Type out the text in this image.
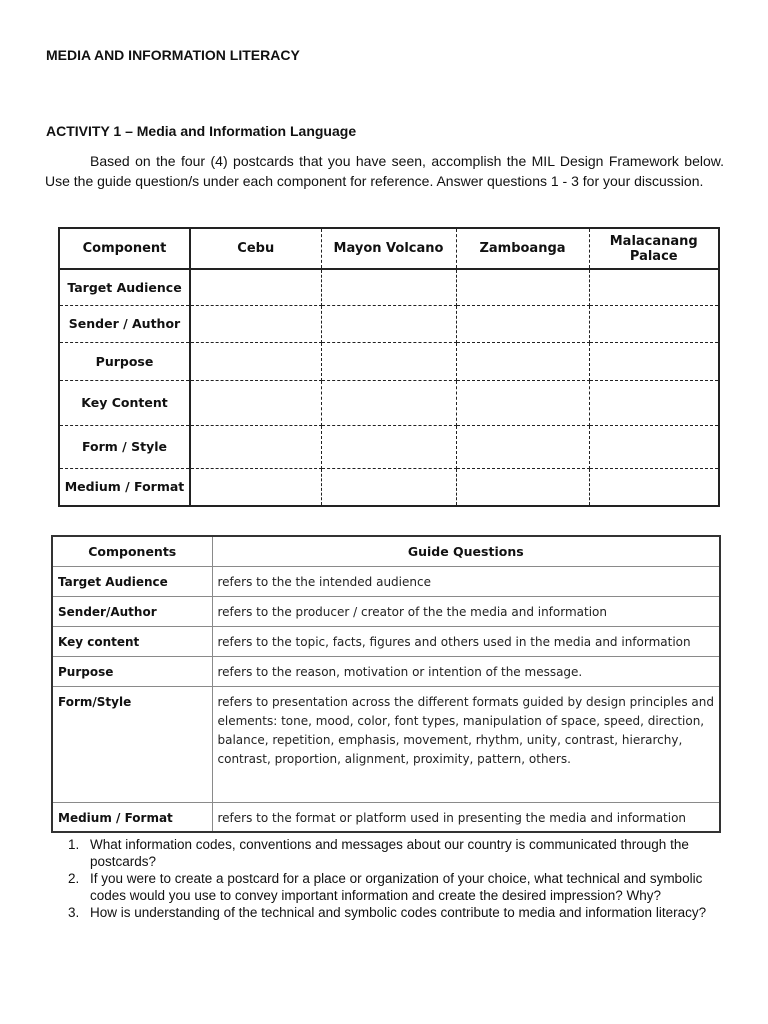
MEDIA AND INFORMATION LITERACY
ACTIVITY 1 – Media and Information Language

Based on the four (4) postcards that you have seen, accomplish the MIL Design Framework below. Use the guide question/s under each component for reference. Answer questions 1 - 3 for your discussion.

Component	Cebu	Mayon Volcano	Zamboanga	Malacanang Palace
Target Audience				
Sender / Author				
Purpose				
Key Content				
Form / Style				
Medium / Format				
Components	Guide Questions
Target Audience	refers to the the intended audience
Sender/Author	refers to the producer / creator of the the media and information
Key content	refers to the topic, facts, figures and others used in the media and information
Purpose	refers to the reason, motivation or intention of the message.
Form/Style	refers to presentation across the different formats guided by design principles and elements: tone, mood, color, font types, manipulation of space, speed, direction, balance, repetition, emphasis, movement, rhythm, unity, contrast, hierarchy, contrast, proportion, alignment, proximity, pattern, others.
Medium / Format	refers to the format or platform used in presenting the media and information
1. What information codes, conventions and messages about our country is communicated through the postcards?
2. If you were to create a postcard for a place or organization of your choice, what technical and symbolic codes would you use to convey important information and create the desired impression? Why?
3. How is understanding of the technical and symbolic codes contribute to media and information literacy?
